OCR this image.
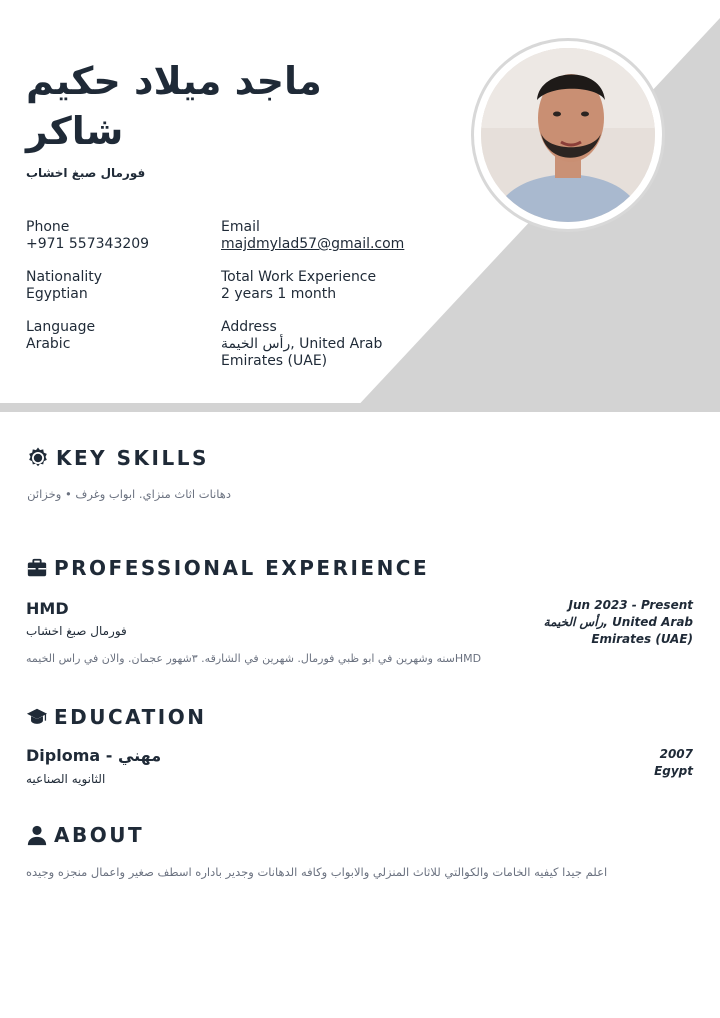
ماجد ميلاد حكيم
شاكر
فورمال صبغ اخشاب
Phone
+971 557343209
Email
majdmylad57@gmail.com
Nationality
Egyptian
Total Work Experience
2 years 1 month
Language
Arabic
Address
رأس الخيمة, United Arab
Emirates (UAE)
KEY SKILLS
دهانات اثاث منزاي. ابواب وغرف • وخزائن
PROFESSIONAL EXPERIENCE
HMD
فورمال صبغ اخشاب
Jun 2023 - Present
رأس الخيمة, United Arab
Emirates (UAE)
HMDسنه وشهرين في ابو ظبي فورمال. شهرين في الشارقه. ٣شهور عجمان. والان في راس الخيمه
EDUCATION
Diploma - مهني
الثانويه الصناعيه
2007
Egypt
ABOUT
اعلم جيدا كيفيه الخامات والكوالتي للاثاث المنزلي والابواب وكافه الدهانات وجدير باداره اسطف صغير واعمال منجزه وجيده
